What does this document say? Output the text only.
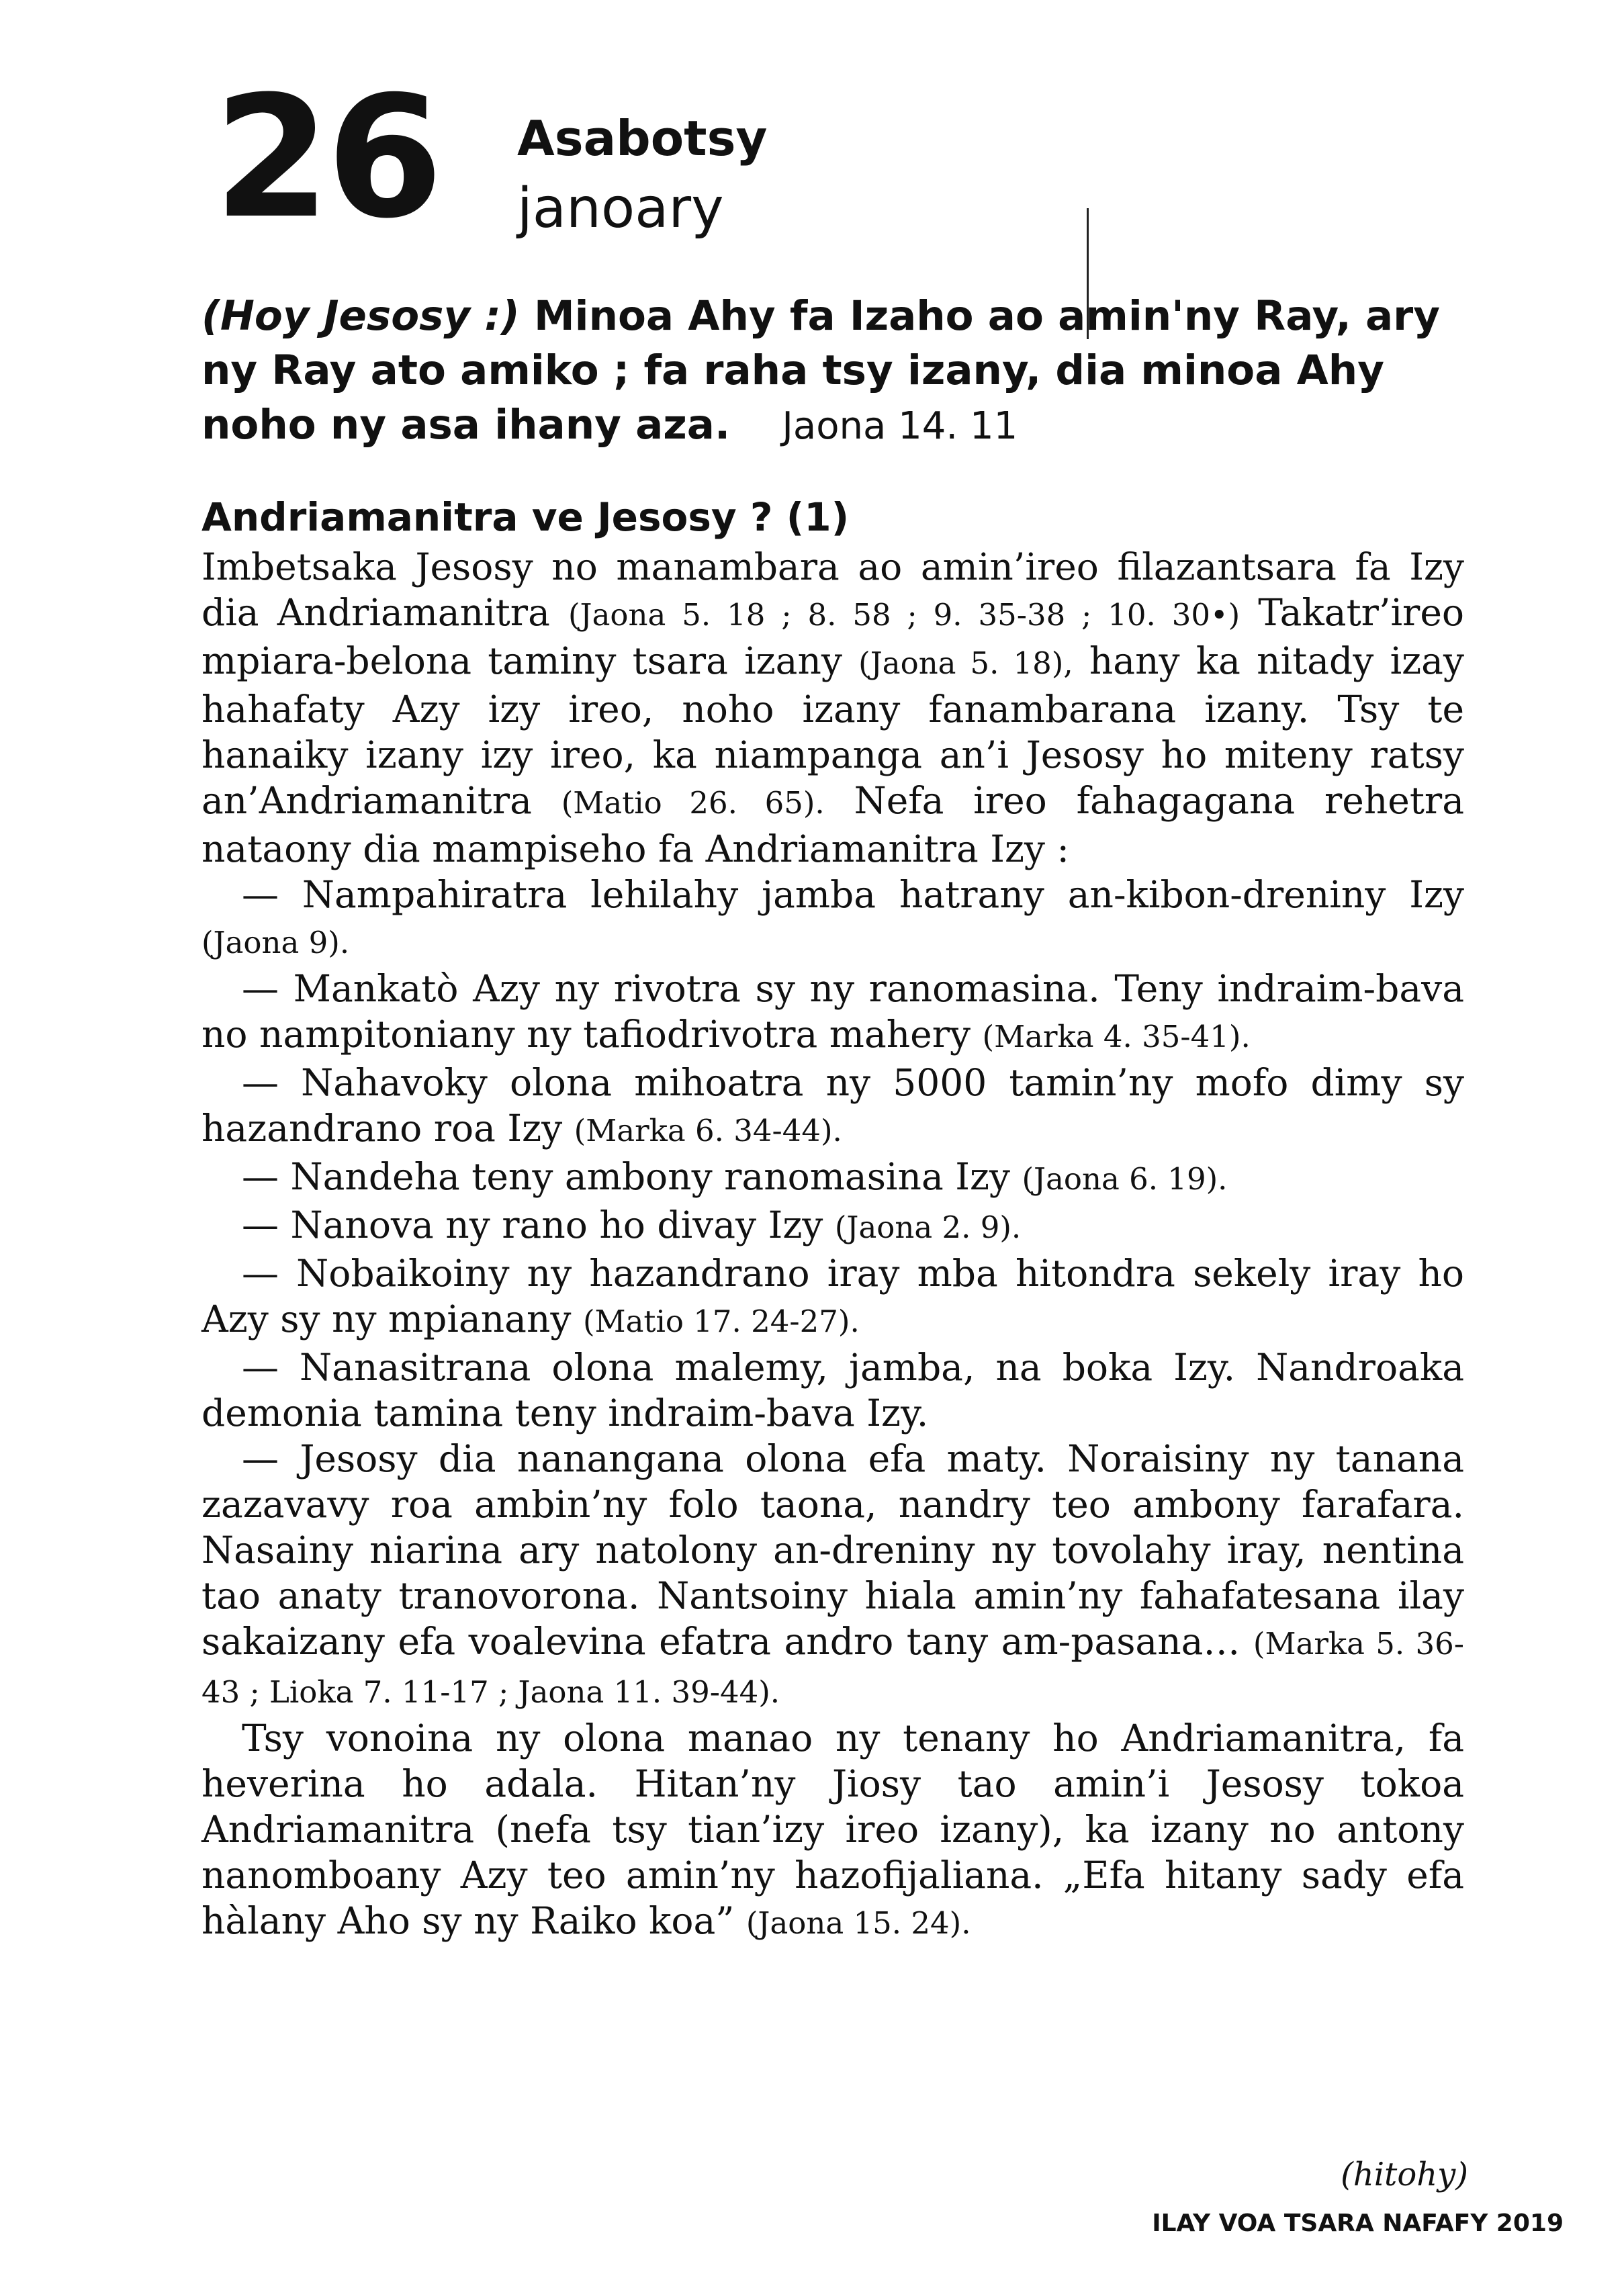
26 Asabotsy
janoary
(Hoy Jesosy :) Minoa Ahy fa Izaho ao amin'ny Ray, ary ny Ray ato amiko ; fa raha tsy izany, dia minoa Ahy noho ny asa ihany aza. Jaona 14. 11
Andriamanitra ve Jesosy ? (1)

Imbetsaka Jesosy no manambara ao amin’ireo filazantsara fa Izy dia Andriamanitra (Jaona 5. 18 ; 8. 58 ; 9. 35-38 ; 10. 30•) Takatr’ireo mpiara-belona taminy tsara izany (Jaona 5. 18), hany ka nitady izay hahafaty Azy izy ireo, noho izany fanambarana izany. Tsy te hanaiky izany izy ireo, ka niampanga an’i Jesosy ho miteny ratsy an’Andriamanitra (Matio 26. 65). Nefa ireo fahagagana rehetra nataony dia mampiseho fa Andriamanitra Izy :

— Nampahiratra lehilahy jamba hatrany an-kibon-dreniny Izy (Jaona 9).

— Mankatò Azy ny rivotra sy ny ranomasina. Teny indraim-bava no nampitoniany ny tafiodrivotra mahery (Marka 4. 35-41).

— Nahavoky olona mihoatra ny 5000 tamin’ny mofo dimy sy hazandrano roa Izy (Marka 6. 34-44).

— Nandeha teny ambony ranomasina Izy (Jaona 6. 19).

— Nanova ny rano ho divay Izy (Jaona 2. 9).

— Nobaikoiny ny hazandrano iray mba hitondra sekely iray ho Azy sy ny mpianany (Matio 17. 24-27).

— Nanasitrana olona malemy, jamba, na boka Izy. Nandroaka demonia tamina teny indraim-bava Izy.

— Jesosy dia nanangana olona efa maty. Noraisiny ny tanana zazavavy roa ambin’ny folo taona, nandry teo ambony farafara. Nasainy niarina ary natolony an-dreniny ny tovolahy iray, nentina tao anaty tranovorona. Nantsoiny hiala amin’ny fahafatesana ilay sakaizany efa voalevina efatra andro tany am-pasana… (Marka 5. 36-43 ; Lioka 7. 11-17 ; Jaona 11. 39-44).

Tsy vonoina ny olona manao ny tenany ho Andriamanitra, fa heverina ho adala. Hitan’ny Jiosy tao amin’i Jesosy tokoa Andriamanitra (nefa tsy tian’izy ireo izany), ka izany no antony nanomboany Azy teo amin’ny hazofijaliana. „Efa hitany sady efa hàlany Aho sy ny Raiko koa” (Jaona 15. 24).

(hitohy)
ILAY VOA TSARA NAFAFY 2019
